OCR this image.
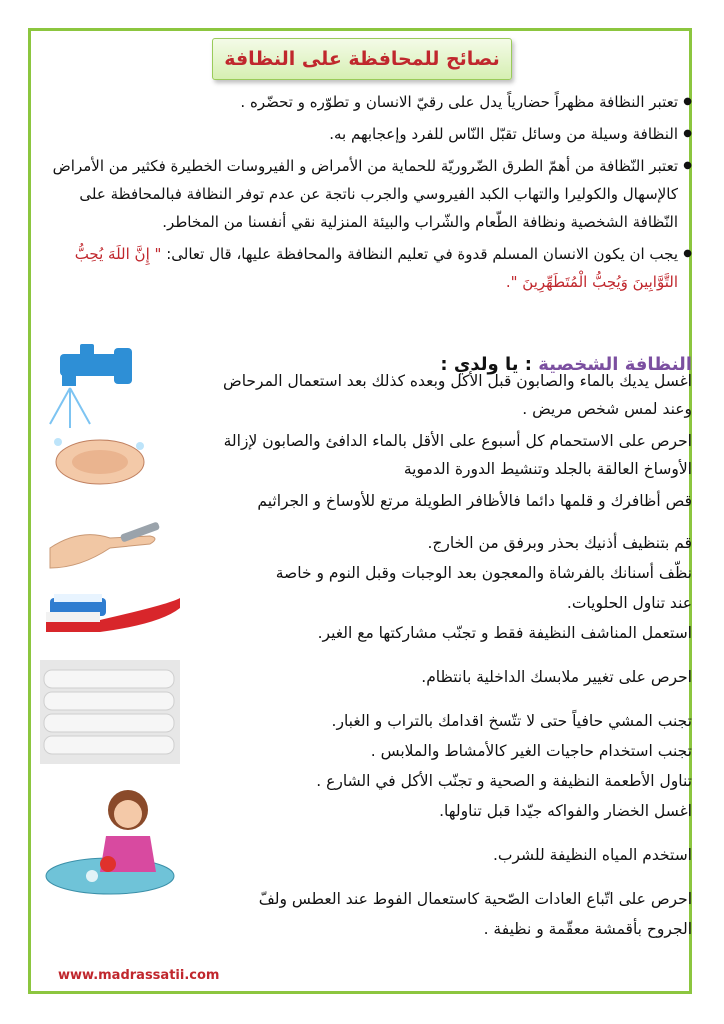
نصائح للمحافظة على النظافة
● تعتبر النظافة مظهراً حضارياً يدل على رقيّ الانسان و تطوّره و تحضّره .
● النظافة وسيلة من وسائل تقبّل النّاس للفرد وإعجابهم به.
● تعتبر النّظافة من أهمّ الطرق الضّروريّة للحماية من الأمراض و الفيروسات الخطيرة فكثير من الأمراض كالإسهال والكوليرا والتهاب الكبد الفيروسي والجرب ناتجة عن عدم توفر النظافة فبالمحافظة على النّظافة الشخصية ونظافة الطّعام والشّراب والبيئة المنزلية نقي أنفسنا من المخاطر.
● يجب ان يكون الانسان المسلم قدوة في تعليم النظافة والمحافظة عليها، قال تعالى: " إِنَّ اللَهَ يُحِبُّ التَّوَّابِينَ وَيُحِبُّ الْمُتَطَهِّرِينَ ".
النظافة الشخصية : يا ولدي :
اغسل يديك بالماء والصابون قبل الأكل وبعده كذلك بعد استعمال المرحاض
وعند لمس شخص مريض .
احرص على الاستحمام كل أسبوع على الأقل بالماء الدافئ والصابون لإزالة
الأوساخ العالقة بالجلد وتنشيط الدورة الدموية
قص أظافرك و قلمها دائما فالأظافر الطويلة مرتع للأوساخ و الجراثيم
قم بتنظيف أذنيك بحذر وبرفق من الخارج.
نظّف أسنانك بالفرشاة والمعجون بعد الوجبات وقبل النوم و خاصة
عند تناول الحلويات.
استعمل المناشف النظيفة فقط و تجنّب مشاركتها مع الغير.
احرص على تغيير ملابسك الداخلية بانتظام.
تجنب المشي حافياً حتى لا تتّسخ اقدامك بالتراب و الغبار.
تجنب استخدام حاجيات الغير كالأمشاط والملابس .
تناول الأطعمة النظيفة و الصحية و تجنّب الأكل في الشارع .
اغسل الخضار والفواكه جيّدا قبل تناولها.
استخدم المياه النظيفة للشرب.
احرص على اتّباع العادات الصّحية كاستعمال الفوط عند العطس ولفّ
الجروح بأقمشة معقّمة و نظيفة .
www.madrassatii.com
